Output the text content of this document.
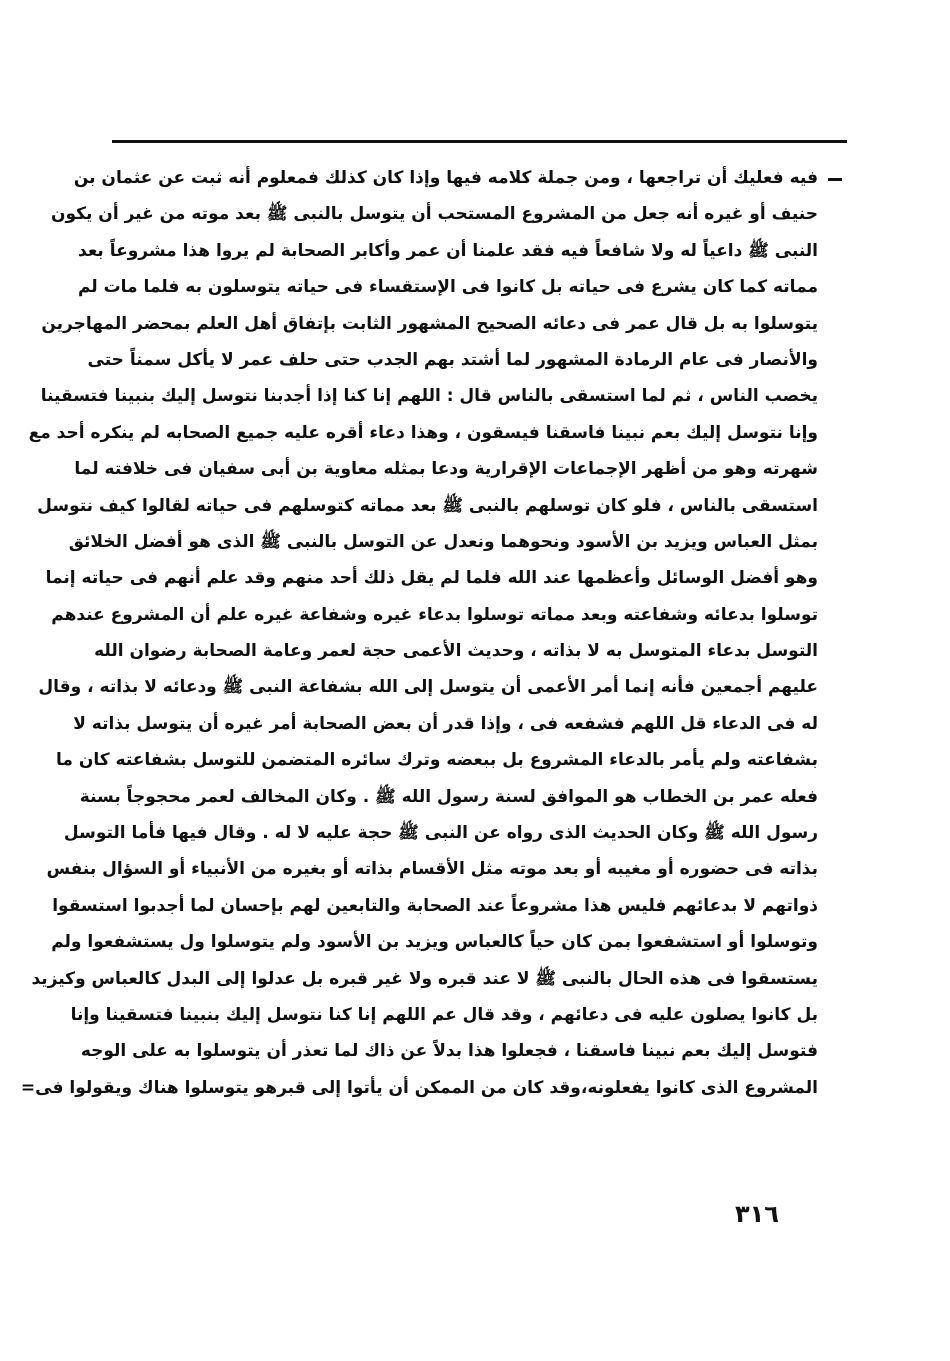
فيه فعليك أن تراجعها ، ومن جملة كلامه فيها وإذا كان كذلك فمعلوم أنه ثبت عن عثمان بن
حنيف أو غيره أنه جعل من المشروع المستحب أن يتوسل بالنبى ﷺ بعد موته من غير أن يكون
النبى ﷺ داعياً له ولا شافعاً فيه فقد علمنا أن عمر وأكابر الصحابة لم يروا هذا مشروعاً بعد
مماته كما كان يشرع فى حياته بل كانوا فى الإستقساء فى حياته يتوسلون به فلما مات لم
يتوسلوا به بل قال عمر فى دعائه الصحيح المشهور الثابت بإتفاق أهل العلم بمحضر المهاجرين
والأنصار فى عام الرمادة المشهور لما أشتد بهم الجدب حتى حلف عمر لا يأكل سمناً حتى
يخصب الناس ، ثم لما استسقى بالناس قال : اللهم إنا كنا إذا أجدبنا نتوسل إليك بنبينا فتسقينا
وإنا نتوسل إليك بعم نبينا فاسقنا فيسقون ، وهذا دعاء أقره عليه جميع الصحابه لم ينكره أحد مع
شهرته وهو من أظهر الإجماعات الإقرارية ودعا بمثله معاوية بن أبى سفيان فى خلافته لما
استسقى بالناس ، فلو كان توسلهم بالنبى ﷺ بعد مماته كتوسلهم فى حياته لقالوا كيف نتوسل
بمثل العباس ويزيد بن الأسود ونحوهما ونعدل عن التوسل بالنبى ﷺ الذى هو أفضل الخلائق
وهو أفضل الوسائل وأعظمها عند الله فلما لم يقل ذلك أحد منهم وقد علم أنهم فى حياته إنما
توسلوا بدعائه وشفاعته وبعد مماته توسلوا بدعاء غيره وشفاعة غيره علم أن المشروع عندهم
التوسل بدعاء المتوسل به لا بذاته ، وحديث الأعمى حجة لعمر وعامة الصحابة رضوان الله
عليهم أجمعين فأنه إنما أمر الأعمى أن يتوسل إلى الله بشفاعة النبى ﷺ ودعائه لا بذاته ، وقال
له فى الدعاء قل اللهم فشفعه فى ، وإذا قدر أن بعض الصحابة أمر غيره أن يتوسل بذاته لا
بشفاعته ولم يأمر بالدعاء المشروع بل ببعضه وترك سائره المتضمن للتوسل بشفاعته كان ما
فعله عمر بن الخطاب هو الموافق لسنة رسول الله ﷺ . وكان المخالف لعمر محجوجاً بسنة
رسول الله ﷺ وكان الحديث الذى رواه عن النبى ﷺ حجة عليه لا له . وقال فيها فأما التوسل
بذاته فى حضوره أو مغيبه أو بعد موته مثل الأقسام بذاته أو بغيره من الأنبياء أو السؤال بنفس
ذواتهم لا بدعائهم فليس هذا مشروعاً عند الصحابة والتابعين لهم بإحسان لما أجدبوا استسقوا
وتوسلوا أو استشفعوا بمن كان حياً كالعباس ويزيد بن الأسود ولم يتوسلوا ول يستشفعوا ولم
يستسقوا فى هذه الحال بالنبى ﷺ لا عند قبره ولا غير قبره بل عدلوا إلى البدل كالعباس وكيزيد
بل كانوا يصلون عليه فى دعائهم ، وقد قال عم اللهم إنا كنا نتوسل إليك بنبينا فتسقينا وإنا
فتوسل إليك بعم نبينا فاسقنا ، فجعلوا هذا بدلاً عن ذاك لما تعذر أن يتوسلوا به على الوجه
المشروع الذى كانوا يفعلونه،وقد كان من الممكن أن يأتوا إلى قبرهو يتوسلوا هناك ويقولوا فى=
٣١٦
